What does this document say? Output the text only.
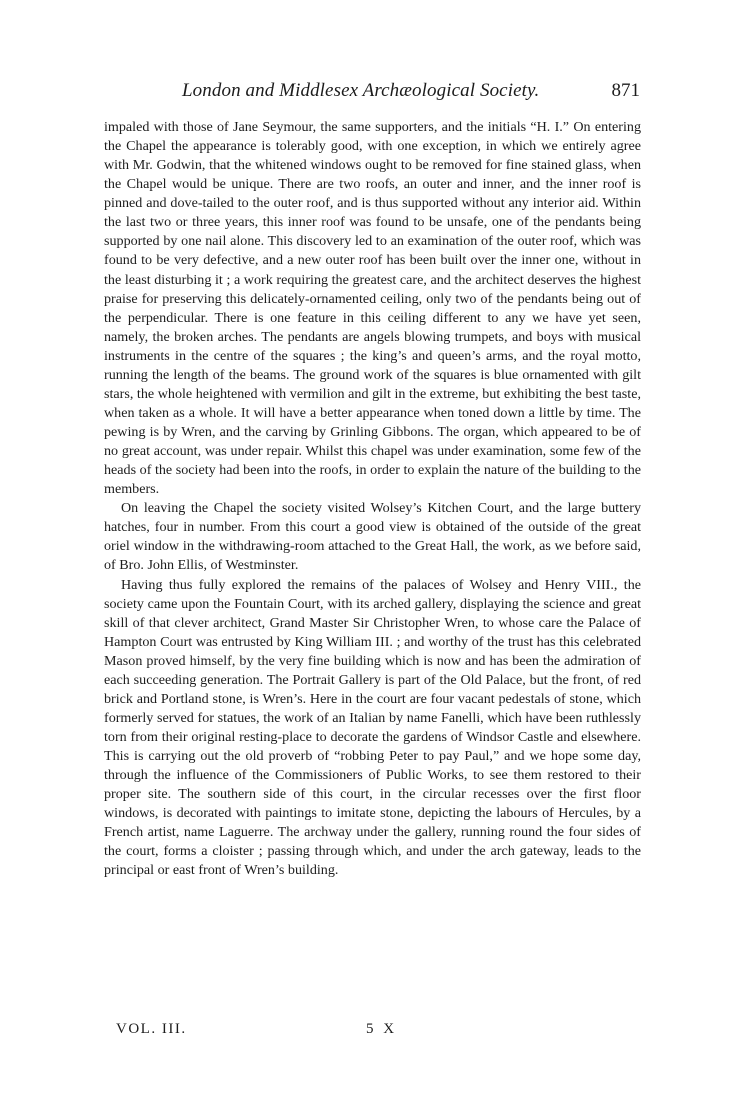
London and Middlesex Archæological Society.	871

impaled with those of Jane Seymour, the same supporters, and the initials “H. I.” On entering the Chapel the appearance is tolerably good, with one exception, in which we entirely agree with Mr. Godwin, that the whitened windows ought to be removed for fine stained glass, when the Chapel would be unique. There are two roofs, an outer and inner, and the inner roof is pinned and dove-tailed to the outer roof, and is thus supported without any interior aid. Within the last two or three years, this inner roof was found to be unsafe, one of the pendants being supported by one nail alone. This discovery led to an examination of the outer roof, which was found to be very defective, and a new outer roof has been built over the inner one, without in the least disturbing it ; a work requiring the greatest care, and the architect deserves the highest praise for preserving this delicately-ornamented ceiling, only two of the pendants being out of the perpendicular. There is one feature in this ceiling different to any we have yet seen, namely, the broken arches. The pendants are angels blowing trumpets, and boys with musical instruments in the centre of the squares ; the king’s and queen’s arms, and the royal motto, running the length of the beams. The ground work of the squares is blue ornamented with gilt stars, the whole heightened with vermilion and gilt in the extreme, but exhibiting the best taste, when taken as a whole. It will have a better appearance when toned down a little by time. The pewing is by Wren, and the carving by Grinling Gibbons. The organ, which appeared to be of no great account, was under repair. Whilst this chapel was under examination, some few of the heads of the society had been into the roofs, in order to explain the nature of the building to the members.

On leaving the Chapel the society visited Wolsey’s Kitchen Court, and the large buttery hatches, four in number. From this court a good view is obtained of the outside of the great oriel window in the withdrawing-room attached to the Great Hall, the work, as we before said, of Bro. John Ellis, of Westminster.

Having thus fully explored the remains of the palaces of Wolsey and Henry VIII., the society came upon the Fountain Court, with its arched gallery, displaying the science and great skill of that clever architect, Grand Master Sir Christopher Wren, to whose care the Palace of Hampton Court was entrusted by King William III. ; and worthy of the trust has this celebrated Mason proved himself, by the very fine building which is now and has been the admiration of each succeeding generation. The Portrait Gallery is part of the Old Palace, but the front, of red brick and Portland stone, is Wren’s. Here in the court are four vacant pedestals of stone, which formerly served for statues, the work of an Italian by name Fanelli, which have been ruthlessly torn from their original resting-place to decorate the gardens of Windsor Castle and elsewhere. This is carrying out the old proverb of “robbing Peter to pay Paul,” and we hope some day, through the influence of the Commissioners of Public Works, to see them restored to their proper site. The southern side of this court, in the circular recesses over the first floor windows, is decorated with paintings to imitate stone, depicting the labours of Hercules, by a French artist, name Laguerre. The archway under the gallery, running round the four sides of the court, forms a cloister ; passing through which, and under the arch gateway, leads to the principal or east front of Wren’s building.

VOL. III.	5 X
